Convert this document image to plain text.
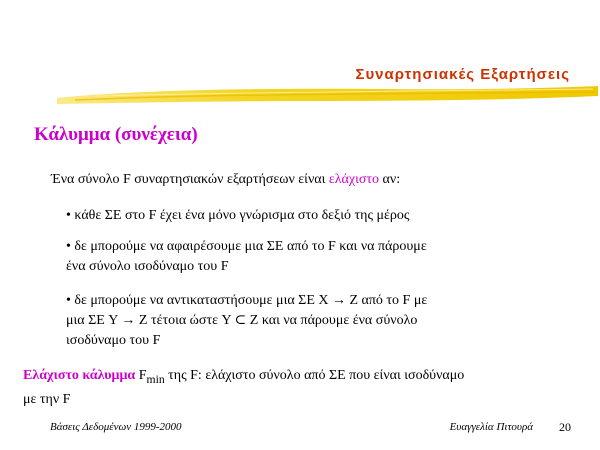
Συναρτησιακές Εξαρτήσεις
Κάλυμμα (συνέχεια)
Ένα σύνολο F συναρτησιακών εξαρτήσεων είναι ελάχιστο αν:
• κάθε ΣΕ στο F έχει ένα μόνο γνώρισμα στο δεξιό της μέρος
• δε μπορούμε να αφαιρέσουμε μια ΣΕ από το F και να πάρουμε
ένα σύνολο ισοδύναμο του F
• δε μπορούμε να αντικαταστήσουμε μια ΣΕ X → Z από το F με
μια ΣΕ Y → Z τέτοια ώστε Y ⊂ Z και να πάρουμε ένα σύνολο
ισοδύναμο του F
Ελάχιστο κάλυμμα $F_{min}$ της F: ελάχιστο σύνολο από ΣΕ που είναι ισοδύναμο
με την F
Βάσεις Δεδομένων 1999-2000	Ευαγγελία Πιτουρά 20
